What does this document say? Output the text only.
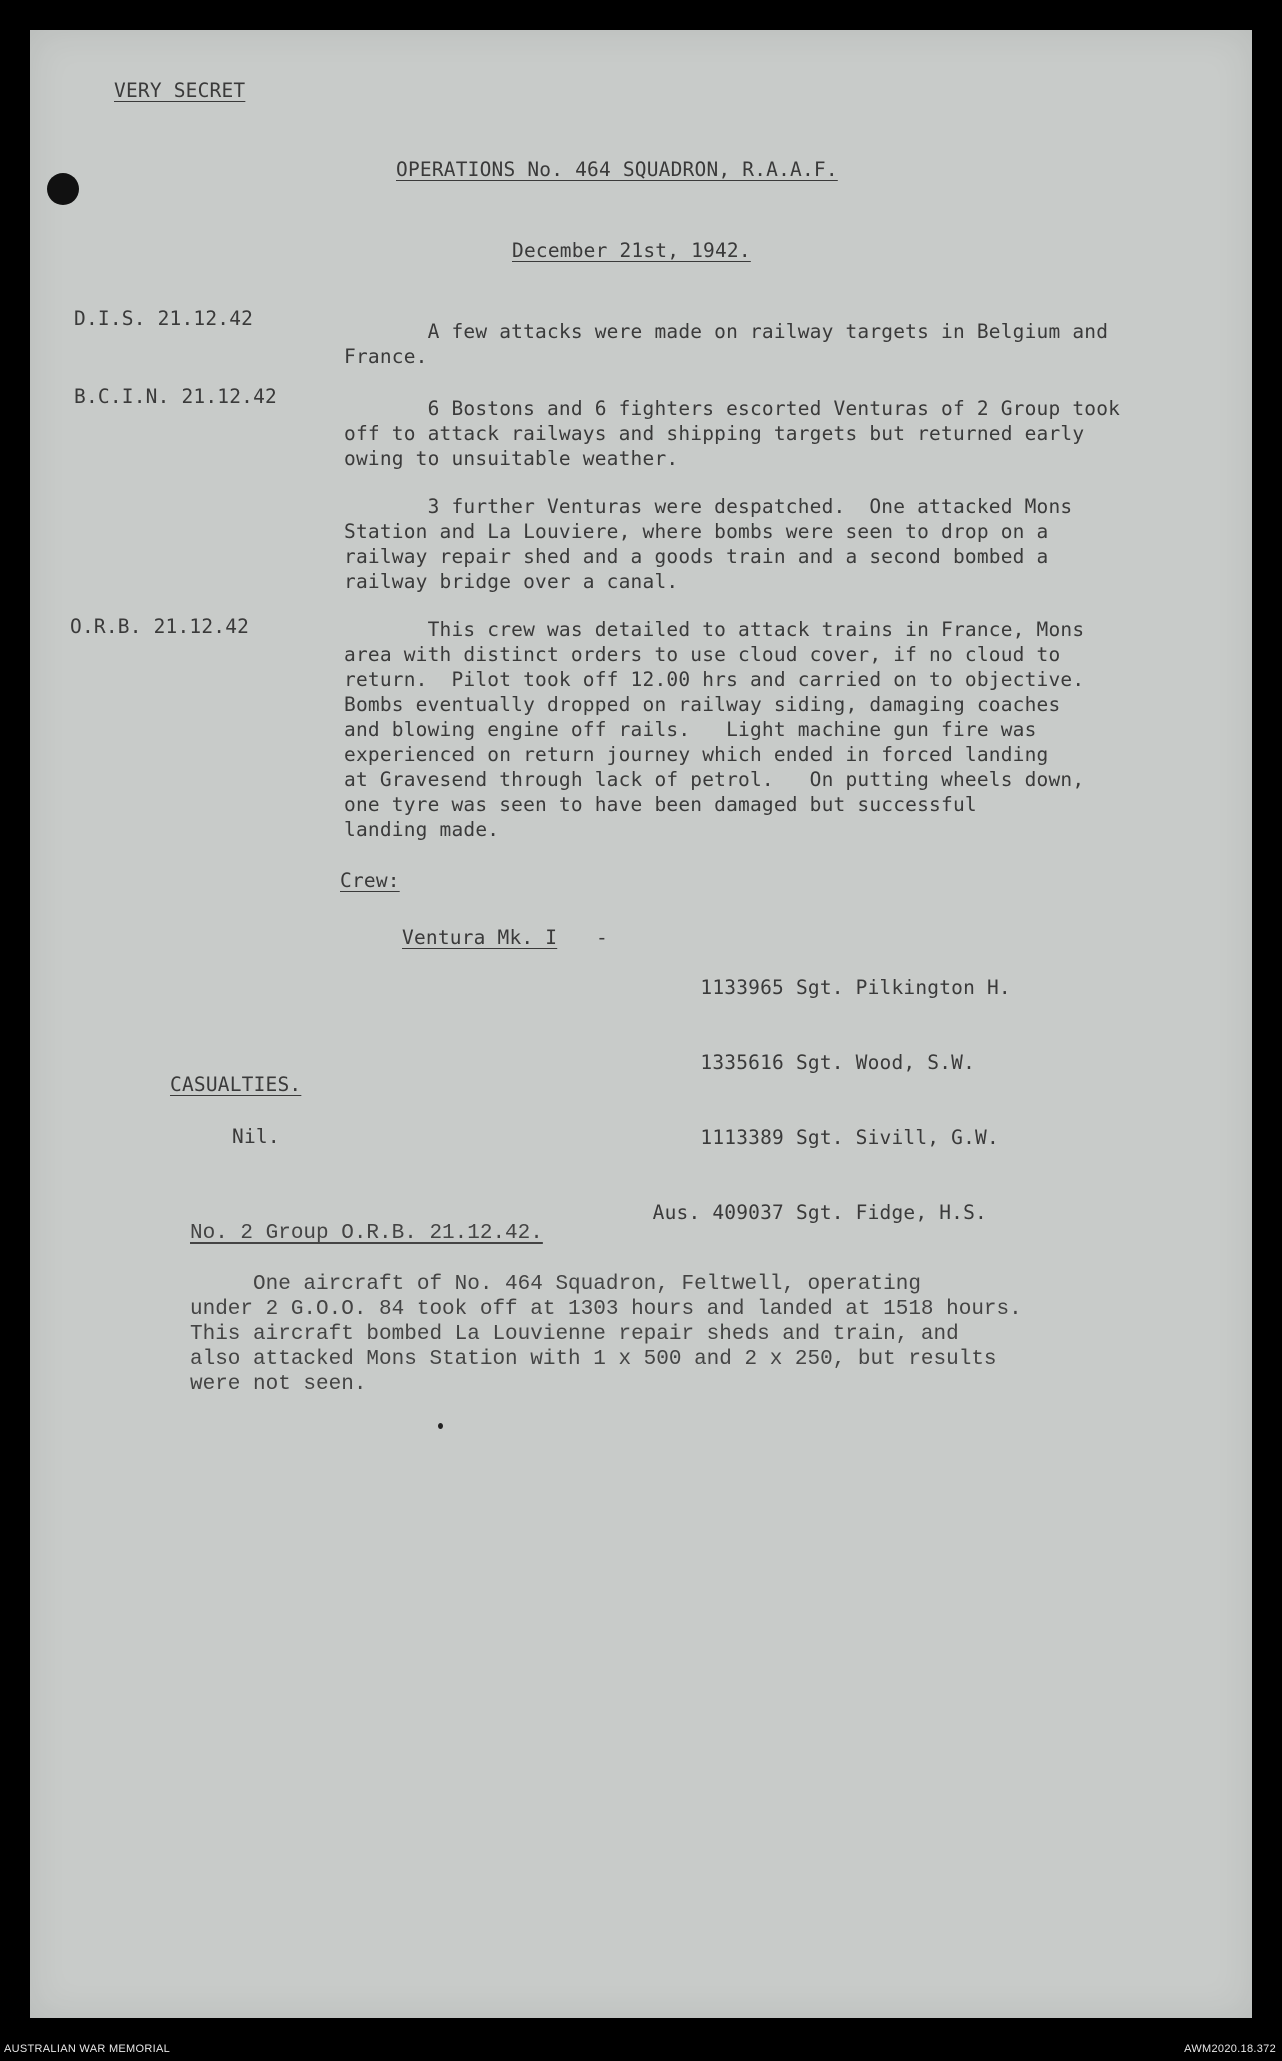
VERY SECRET
OPERATIONS No. 464 SQUADRON, R.A.A.F.
December 21st, 1942.
D.I.S. 21.12.42
A few attacks were made on railway targets in Belgium and
France.
B.C.I.N. 21.12.42
6 Bostons and 6 fighters escorted Venturas of 2 Group took
off to attack railways and shipping targets but returned early
owing to unsuitable weather.
3 further Venturas were despatched.  One attacked Mons
Station and La Louviere, where bombs were seen to drop on a
railway repair shed and a goods train and a second bombed a
railway bridge over a canal.
O.R.B. 21.12.42	This crew was detailed to attack trains in France, Mons
area with distinct orders to use cloud cover, if no cloud to
return.  Pilot took off 12.00 hrs and carried on to objective.
Bombs eventually dropped on railway siding, damaging coaches
and blowing engine off rails.   Light machine gun fire was
experienced on return journey which ended in forced landing
at Gravesend through lack of petrol.   On putting wheels down,
one tyre was seen to have been damaged but successful
landing made.
Crew:
Ventura Mk. I -

1133965 Sgt. Pilkington H.

1335616 Sgt. Wood, S.W.

1113389 Sgt. Sivill, G.W.

Aus. 409037 Sgt. Fidge, H.S.

CASUALTIES.
Nil.
No. 2 Group O.R.B. 21.12.42.
One aircraft of No. 464 Squadron, Feltwell, operating
under 2 G.O.O. 84 took off at 1303 hours and landed at 1518 hours.
This aircraft bombed La Louvienne repair sheds and train, and
also attacked Mons Station with 1 x 500 and 2 x 250, but results
were not seen.
AUSTRALIAN WAR MEMORIAL	AWM2020.18.372
